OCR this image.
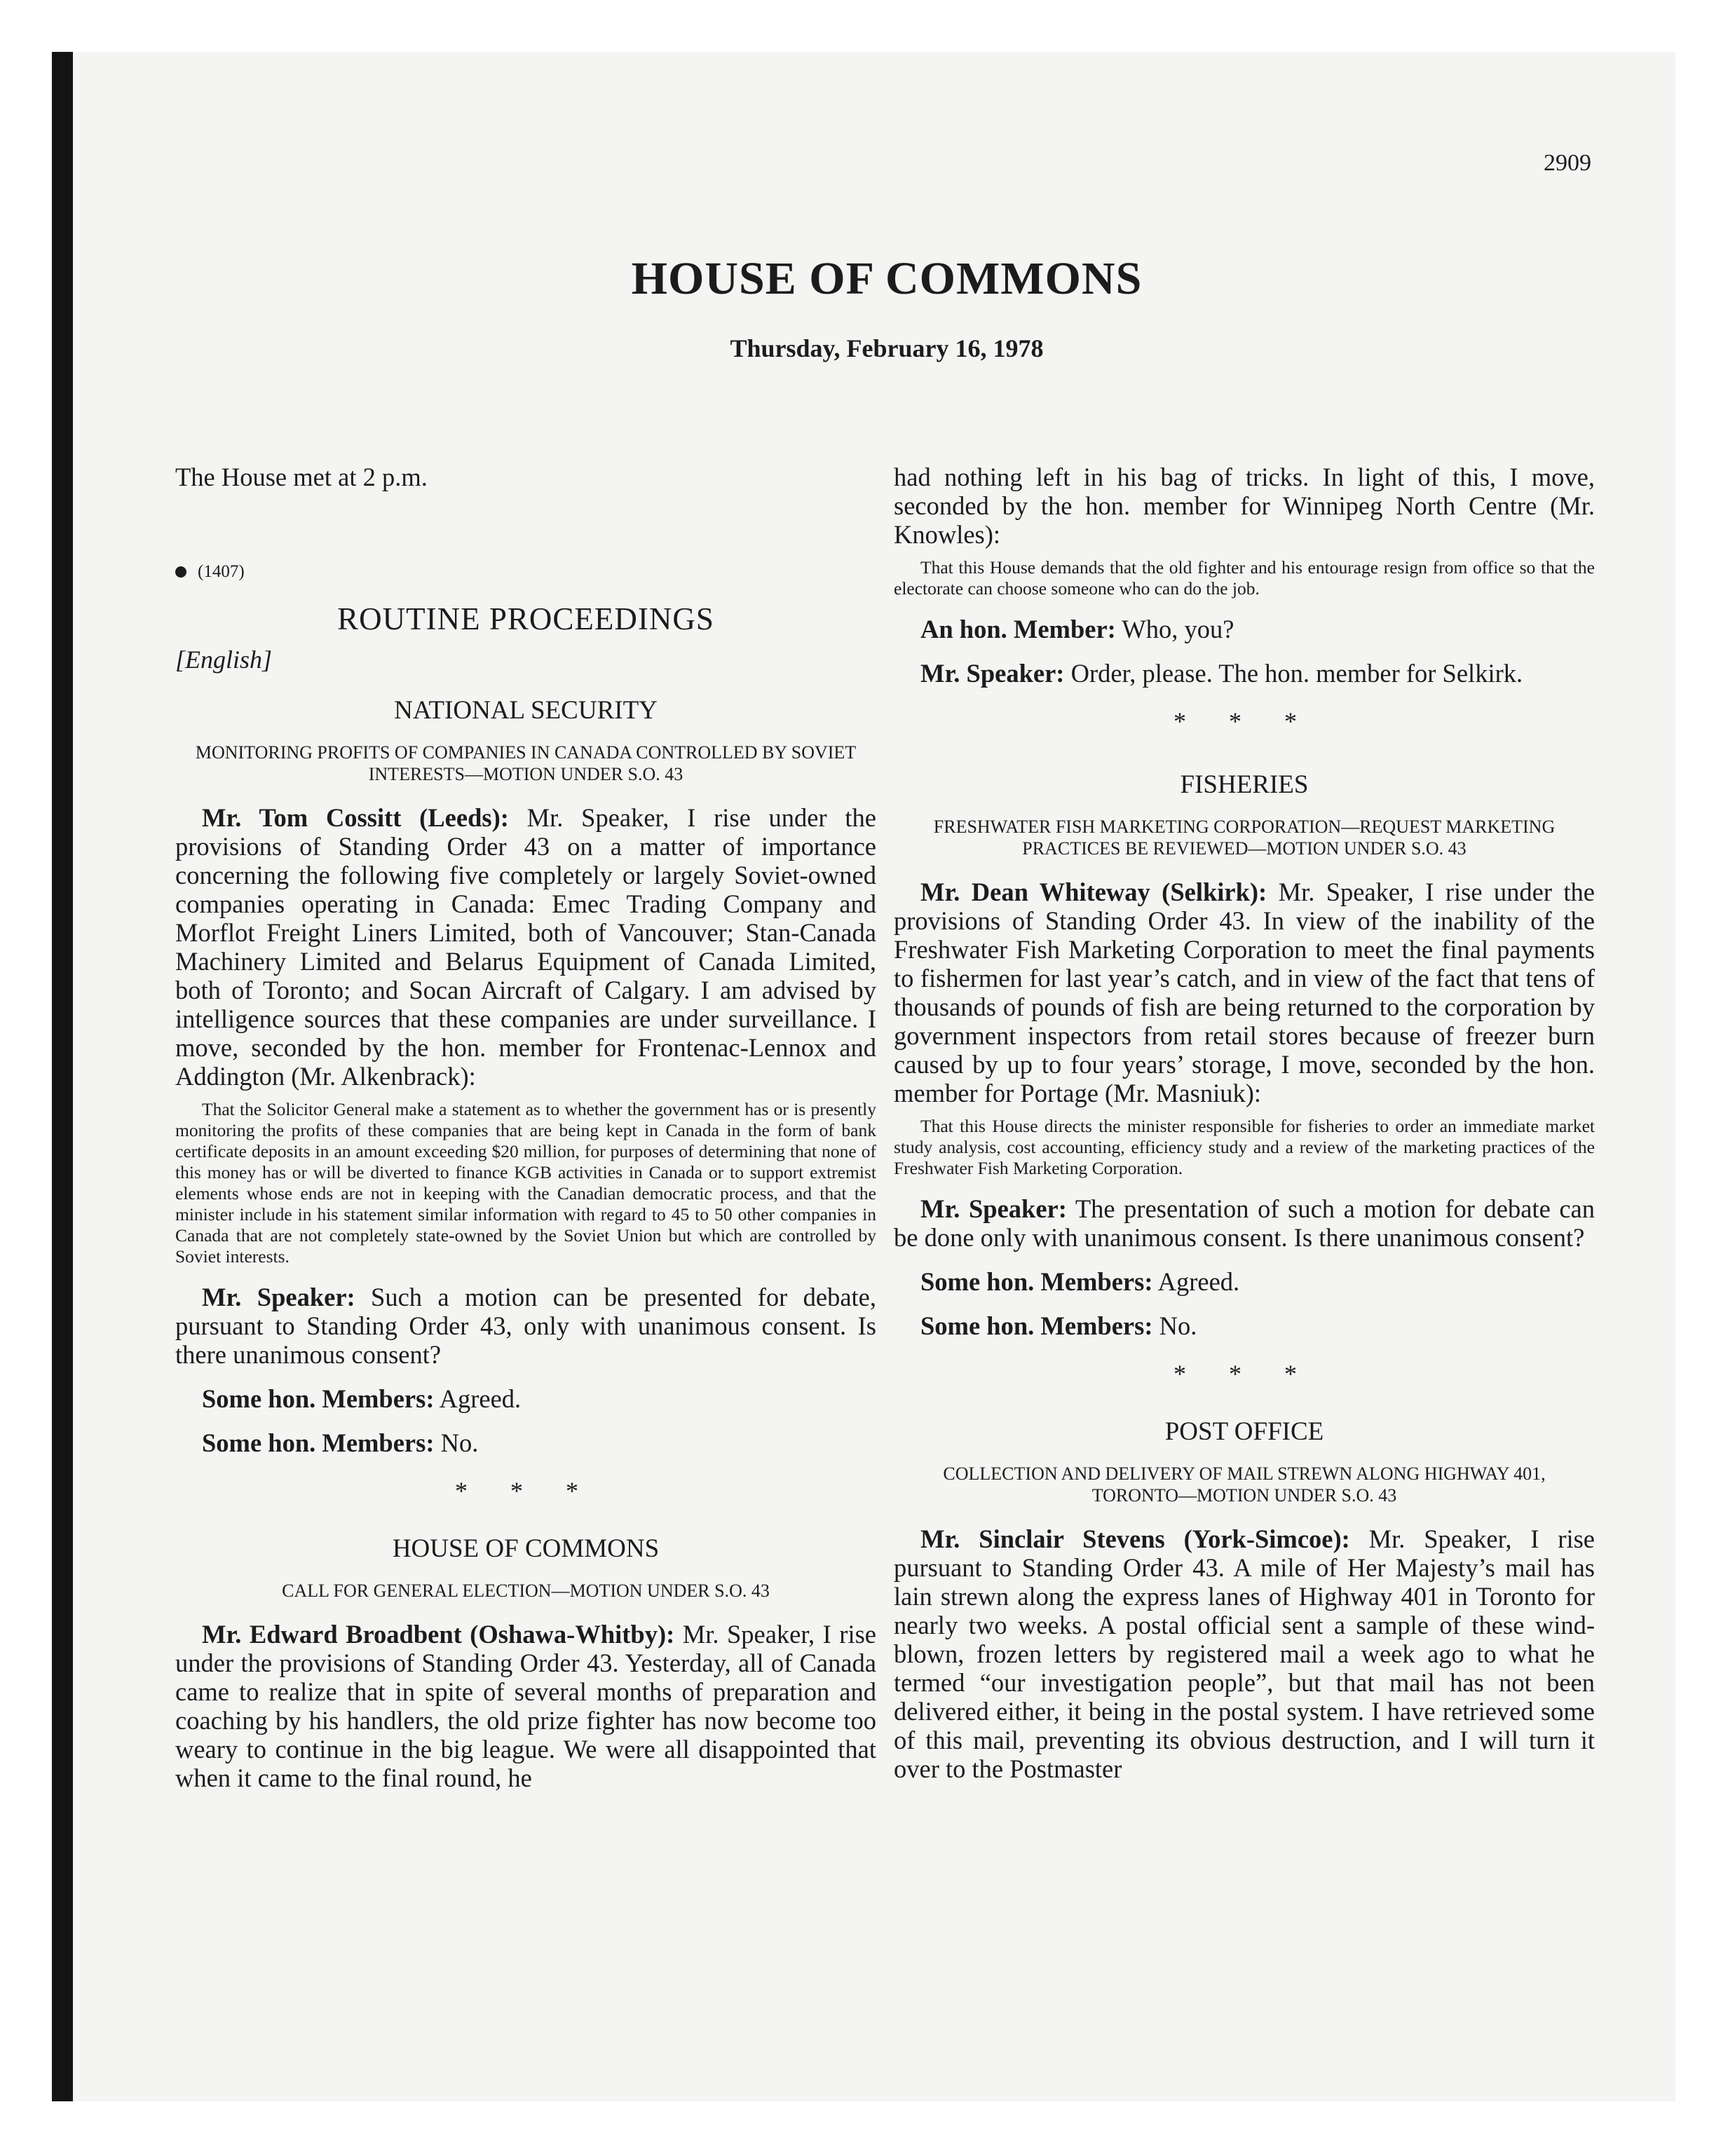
2909
HOUSE OF COMMONS
Thursday, February 16, 1978

The House met at 2 p.m.

(1407)

ROUTINE PROCEEDINGS

[English]

NATIONAL SECURITY

MONITORING PROFITS OF COMPANIES IN CANADA CONTROLLED BY SOVIET INTERESTS—MOTION UNDER S.O. 43

Mr. Tom Cossitt (Leeds): Mr. Speaker, I rise under the provisions of Standing Order 43 on a matter of importance concerning the following five completely or largely Soviet-owned companies operating in Canada: Emec Trading Company and Morflot Freight Liners Limited, both of Vancouver; Stan-Canada Machinery Limited and Belarus Equipment of Canada Limited, both of Toronto; and Socan Aircraft of Calgary. I am advised by intelligence sources that these companies are under surveillance. I move, seconded by the hon. member for Frontenac-Lennox and Addington (Mr. Alkenbrack):

That the Solicitor General make a statement as to whether the government has or is presently monitoring the profits of these companies that are being kept in Canada in the form of bank certificate deposits in an amount exceeding $20 million, for purposes of determining that none of this money has or will be diverted to finance KGB activities in Canada or to support extremist elements whose ends are not in keeping with the Canadian democratic process, and that the minister include in his statement similar information with regard to 45 to 50 other companies in Canada that are not completely state-owned by the Soviet Union but which are controlled by Soviet interests.

Mr. Speaker: Such a motion can be presented for debate, pursuant to Standing Order 43, only with unanimous consent. Is there unanimous consent?

Some hon. Members: Agreed.

Some hon. Members: No.

* * *

HOUSE OF COMMONS

CALL FOR GENERAL ELECTION—MOTION UNDER S.O. 43

Mr. Edward Broadbent (Oshawa-Whitby): Mr. Speaker, I rise under the provisions of Standing Order 43. Yesterday, all of Canada came to realize that in spite of several months of preparation and coaching by his handlers, the old prize fighter has now become too weary to continue in the big league. We were all disappointed that when it came to the final round, he

had nothing left in his bag of tricks. In light of this, I move, seconded by the hon. member for Winnipeg North Centre (Mr. Knowles):

That this House demands that the old fighter and his entourage resign from office so that the electorate can choose someone who can do the job.

An hon. Member: Who, you?

Mr. Speaker: Order, please. The hon. member for Selkirk.

* * *

FISHERIES

FRESHWATER FISH MARKETING CORPORATION—REQUEST MARKETING PRACTICES BE REVIEWED—MOTION UNDER S.O. 43

Mr. Dean Whiteway (Selkirk): Mr. Speaker, I rise under the provisions of Standing Order 43. In view of the inability of the Freshwater Fish Marketing Corporation to meet the final payments to fishermen for last year’s catch, and in view of the fact that tens of thousands of pounds of fish are being returned to the corporation by government inspectors from retail stores because of freezer burn caused by up to four years’ storage, I move, seconded by the hon. member for Portage (Mr. Masniuk):

That this House directs the minister responsible for fisheries to order an immediate market study analysis, cost accounting, efficiency study and a review of the marketing practices of the Freshwater Fish Marketing Corporation.

Mr. Speaker: The presentation of such a motion for debate can be done only with unanimous consent. Is there unanimous consent?

Some hon. Members: Agreed.

Some hon. Members: No.

* * *

POST OFFICE

COLLECTION AND DELIVERY OF MAIL STREWN ALONG HIGHWAY 401, TORONTO—MOTION UNDER S.O. 43

Mr. Sinclair Stevens (York-Simcoe): Mr. Speaker, I rise pursuant to Standing Order 43. A mile of Her Majesty’s mail has lain strewn along the express lanes of Highway 401 in Toronto for nearly two weeks. A postal official sent a sample of these wind-blown, frozen letters by registered mail a week ago to what he termed “our investigation people”, but that mail has not been delivered either, it being in the postal system. I have retrieved some of this mail, preventing its obvious destruction, and I will turn it over to the Postmaster
